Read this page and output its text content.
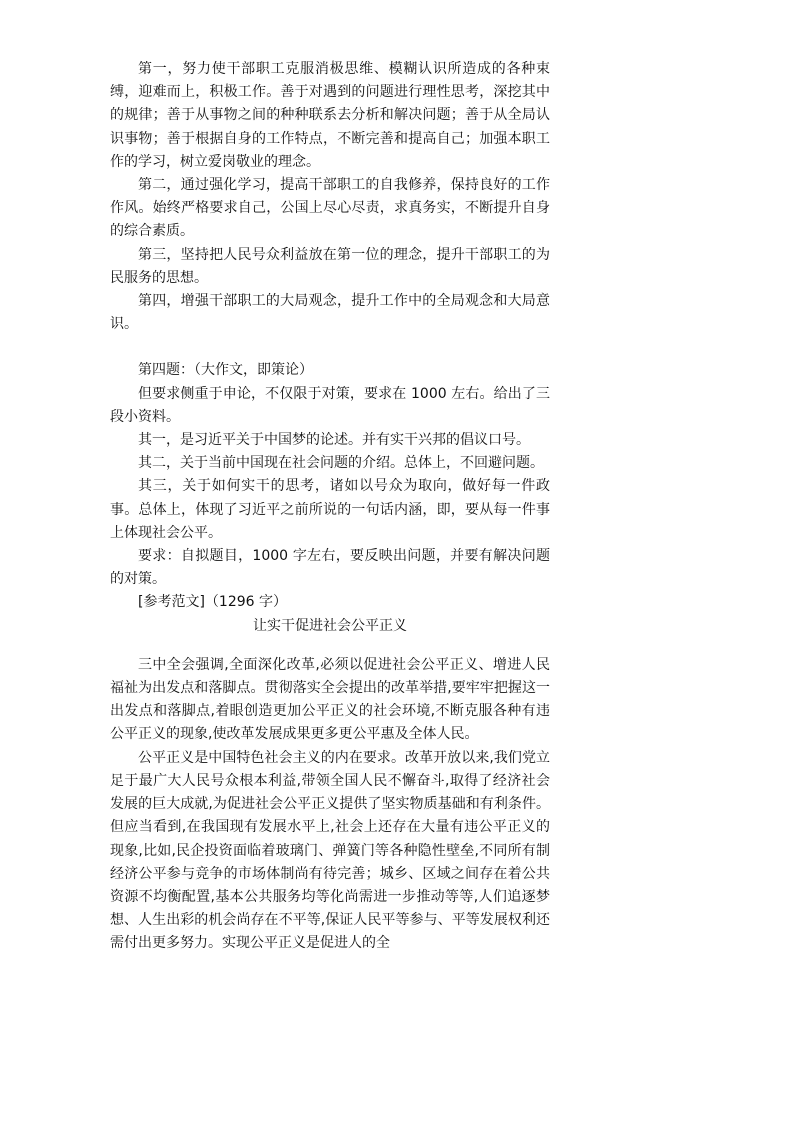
第一，努力使干部职工克服消极思维、模糊认识所造成的各种束缚，迎难而上，积极工作。善于对遇到的问题进行理性思考，深挖其中的规律；善于从事物之间的种种联系去分析和解决问题；善于从全局认识事物；善于根据自身的工作特点，不断完善和提高自己；加强本职工作的学习，树立爱岗敬业的理念。

第二，通过强化学习，提高干部职工的自我修养，保持良好的工作作风。始终严格要求自己，公国上尽心尽责，求真务实，不断提升自身的综合素质。

第三，坚持把人民号众利益放在第一位的理念，提升干部职工的为民服务的思想。

第四，增强干部职工的大局观念，提升工作中的全局观念和大局意识。

第四题：（大作文，即策论）

但要求侧重于申论，不仅限于对策，要求在 1000 左右。给出了三段小资料。

其一，是习近平关于中国梦的论述。并有实干兴邦的倡议口号。

其二，关于当前中国现在社会问题的介绍。总体上，不回避问题。

其三，关于如何实干的思考，诸如以号众为取向，做好每一件政事。总体上，体现了习近平之前所说的一句话内涵，即，要从每一件事上体现社会公平。

要求：自拟题目，1000 字左右，要反映出问题，并要有解决问题的对策。

[参考范文]（1296 字）

让实干促进社会公平正义

三中全会强调,全面深化改革,必须以促进社会公平正义、增进人民福祉为出发点和落脚点。贯彻落实全会提出的改革举措,要牢牢把握这一出发点和落脚点,着眼创造更加公平正义的社会环境,不断克服各种有违公平正义的现象,使改革发展成果更多更公平惠及全体人民。

公平正义是中国特色社会主义的内在要求。改革开放以来,我们党立足于最广大人民号众根本利益,带领全国人民不懈奋斗,取得了经济社会发展的巨大成就,为促进社会公平正义提供了坚实物质基础和有利条件。但应当看到,在我国现有发展水平上,社会上还存在大量有违公平正义的现象,比如,民企投资面临着玻璃门、弹簧门等各种隐性壁垒,不同所有制经济公平参与竞争的市场体制尚有待完善；城乡、区域之间存在着公共资源不均衡配置,基本公共服务均等化尚需进一步推动等等,人们追逐梦想、人生出彩的机会尚存在不平等,保证人民平等参与、平等发展权利还需付出更多努力。实现公平正义是促进人的全
